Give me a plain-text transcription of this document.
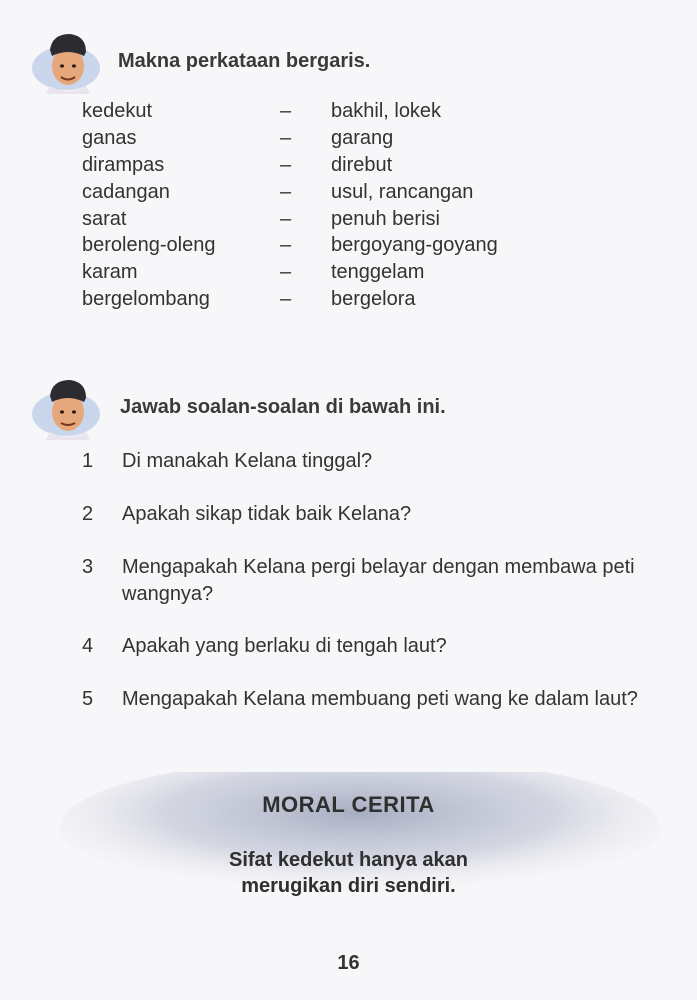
Makna perkataan bergaris.
kedekut	–	bakhil, lokek
ganas	–	garang
dirampas	–	direbut
cadangan	–	usul, rancangan
sarat	–	penuh berisi
beroleng-oleng	–	bergoyang-goyang
karam	–	tenggelam
bergelombang	–	bergelora
Jawab soalan-soalan di bawah ini.
1	Di manakah Kelana tinggal?
2	Apakah sikap tidak baik Kelana?
3	Mengapakah Kelana pergi belayar dengan membawa peti wangnya?
4	Apakah yang berlaku di tengah laut?
5	Mengapakah Kelana membuang peti wang ke dalam laut?
MORAL CERITA
Sifat kedekut hanya akan
merugikan diri sendiri.
16
